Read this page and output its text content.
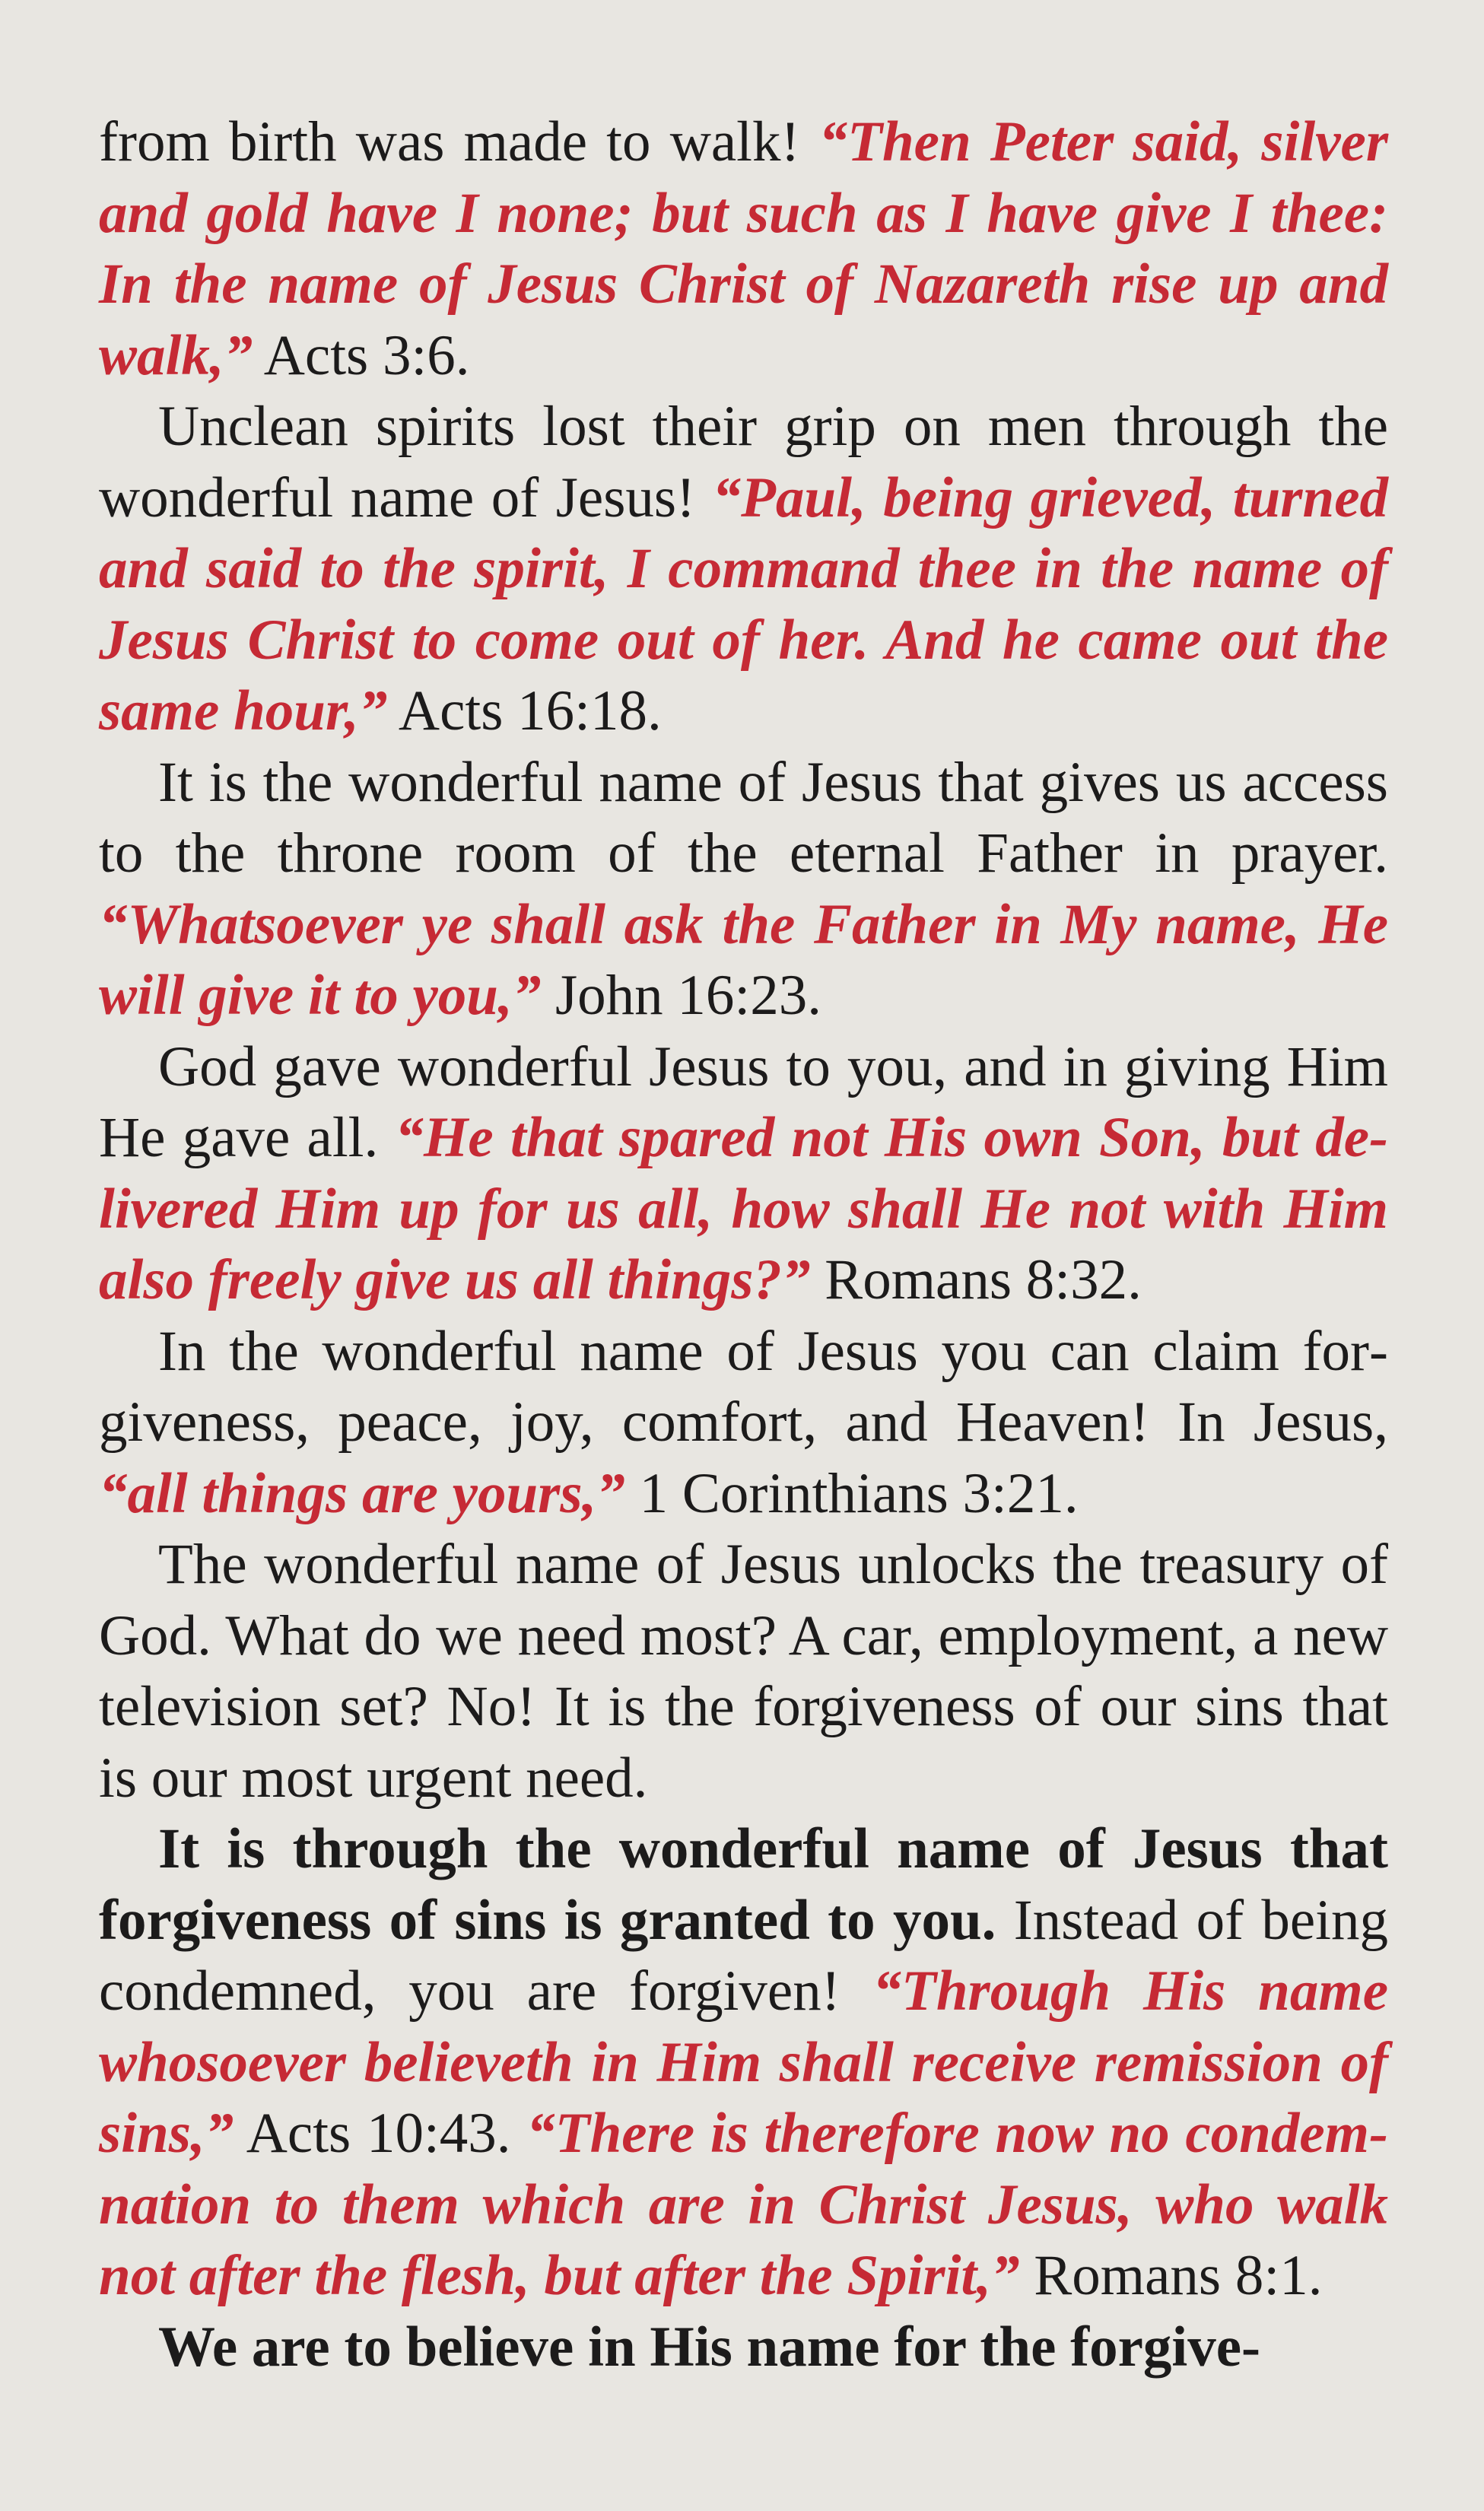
from birth was made to walk! “Then Peter said, silver and gold have I none; but such as I have give I thee: In the name of Jesus Christ of Nazareth rise up and walk,” Acts 3:6.

Unclean spirits lost their grip on men through the wonderful name of Jesus! “Paul, being grieved, turned and said to the spirit, I command thee in the name of Jesus Christ to come out of her. And he came out the same hour,” Acts 16:18.

It is the wonderful name of Jesus that gives us access to the throne room of the eternal Father in prayer. “Whatsoever ye shall ask the Father in My name, He will give it to you,” John 16:23.

God gave wonderful Jesus to you, and in giving Him He gave all. “He that spared not His own Son, but delivered Him up for us all, how shall He not with Him also freely give us all things?” Romans 8:32.

In the wonderful name of Jesus you can claim forgiveness, peace, joy, comfort, and Heaven! In Jesus, “all things are yours,” 1 Corinthians 3:21.

The wonderful name of Jesus unlocks the treasury of God. What do we need most? A car, employment, a new television set? No! It is the forgiveness of our sins that is our most urgent need.

It is through the wonderful name of Jesus that forgiveness of sins is granted to you. Instead of being condemned, you are forgiven! “Through His name whosoever believeth in Him shall receive remission of sins,” Acts 10:43. “There is therefore now no condemnation to them which are in Christ Jesus, who walk not after the flesh, but after the Spirit,” Romans 8:1.

We are to believe in His name for the forgive-
